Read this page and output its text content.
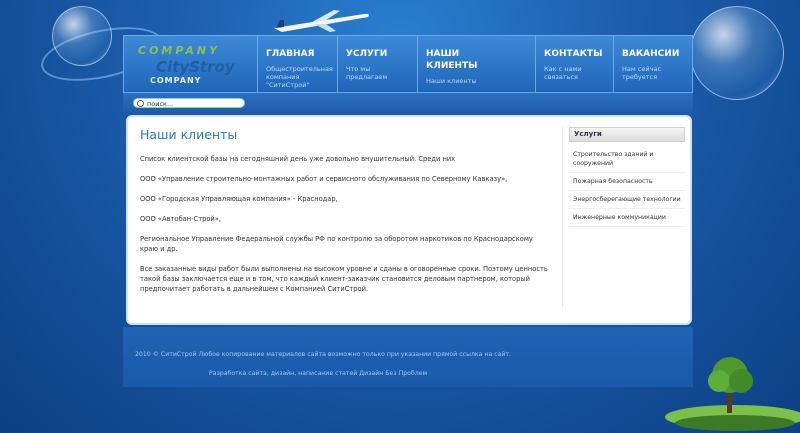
COMPANY
CityStroy
COMPANY
ГЛАВНАЯ
Общестроительная компания "СитиСтрой"
УСЛУГИ
Что мы предлагаем
НАШИ КЛИЕНТЫ
Наши клиенты
КОНТАКТЫ
Как с нами связаться
ВАКАНСИИ
Нам сейчас требуется
поиск...
Наши клиенты

Список клиентской базы на сегодняшний день уже довольно внушительный. Среди них

ООО «Управление строительно-монтажных работ и сервисного обслуживания по Северному Кавказу»,

ООО «Городская Управляющая компания» - Краснодар,

ООО «Автобан-Строй»,

Региональное Управление Федеральной службы РФ по контролю за оборотом наркотиков по Краснодарскому краю и др.

Все заказанные виды работ были выполнены на высоком уровне и сданы в оговоренные сроки. Поэтому ценность такой базы заключается еще и в том, что каждый клиент-заказчик становится деловым партнером, который предпочитает работать в дальнейшем с Компанией СитиСтрой.

Услуги
Строительство зданий и сооружений
Пожарная безопасность
Энергосберегающие технологии
Инженерные коммуникации
2010 © СитиСтрой Любое копирование материалов сайта возможно только при указании прямой ссылка на сайт.
Разработка сайта, дизайн, написание статей Дизайн Без Проблем
